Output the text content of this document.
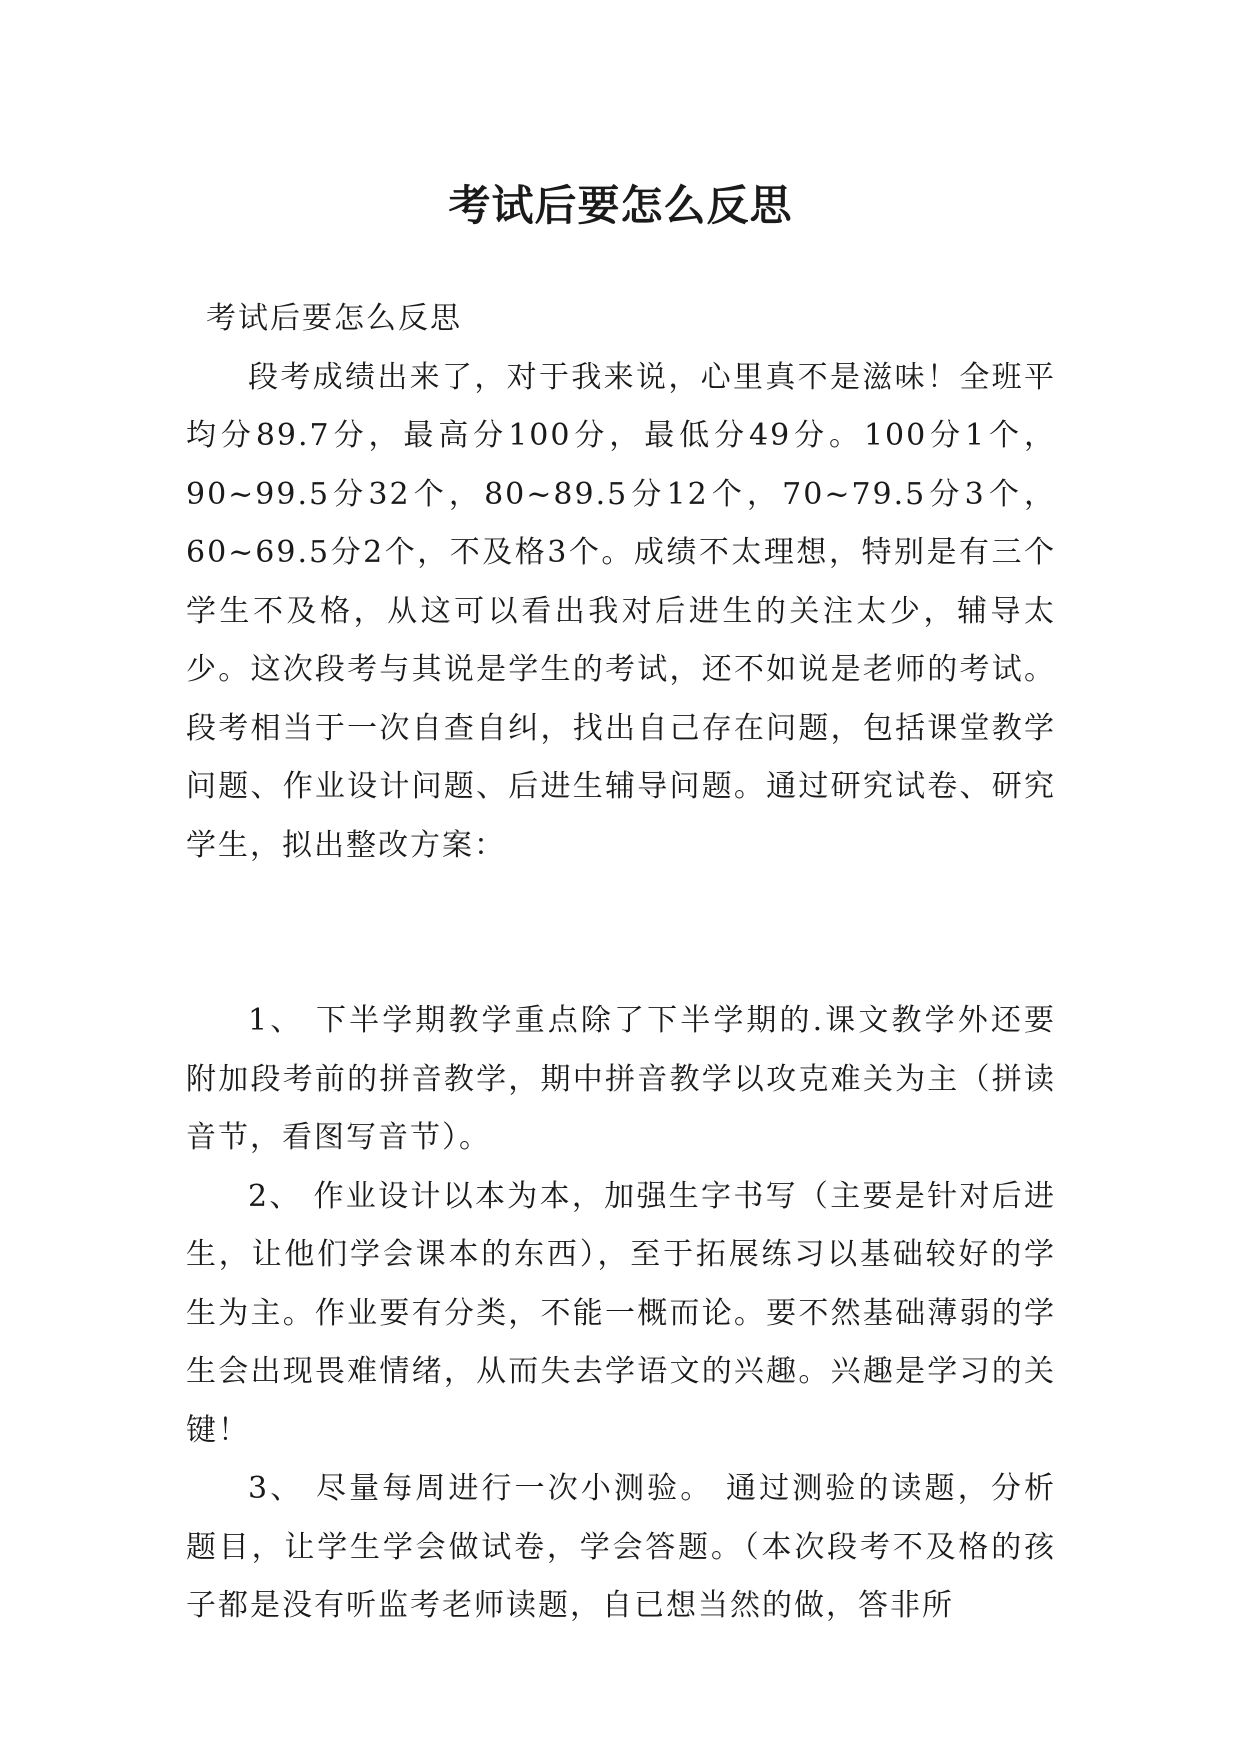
考试后要怎么反思

考试后要怎么反思

段考成绩出来了，对于我来说，心里真不是滋味！全班平均分89.7分，最高分100分，最低分49分。100分1个，90~99.5分32个，80~89.5分12个，70~79.5分3个，60~69.5分2个，不及格3个。成绩不太理想，特别是有三个学生不及格，从这可以看出我对后进生的关注太少，辅导太少。这次段考与其说是学生的考试，还不如说是老师的考试。段考相当于一次自查自纠，找出自己存在问题，包括课堂教学问题、作业设计问题、后进生辅导问题。通过研究试卷、研究学生，拟出整改方案：

1、 下半学期教学重点除了下半学期的.课文教学外还要附加段考前的拼音教学，期中拼音教学以攻克难关为主（拼读音节，看图写音节）。

2、 作业设计以本为本，加强生字书写（主要是针对后进生，让他们学会课本的东西），至于拓展练习以基础较好的学生为主。作业要有分类，不能一概而论。要不然基础薄弱的学生会出现畏难情绪，从而失去学语文的兴趣。兴趣是学习的关键！

3、 尽量每周进行一次小测验。 通过测验的读题，分析题目，让学生学会做试卷，学会答题。（本次段考不及格的孩子都是没有听监考老师读题，自已想当然的做，答非所
